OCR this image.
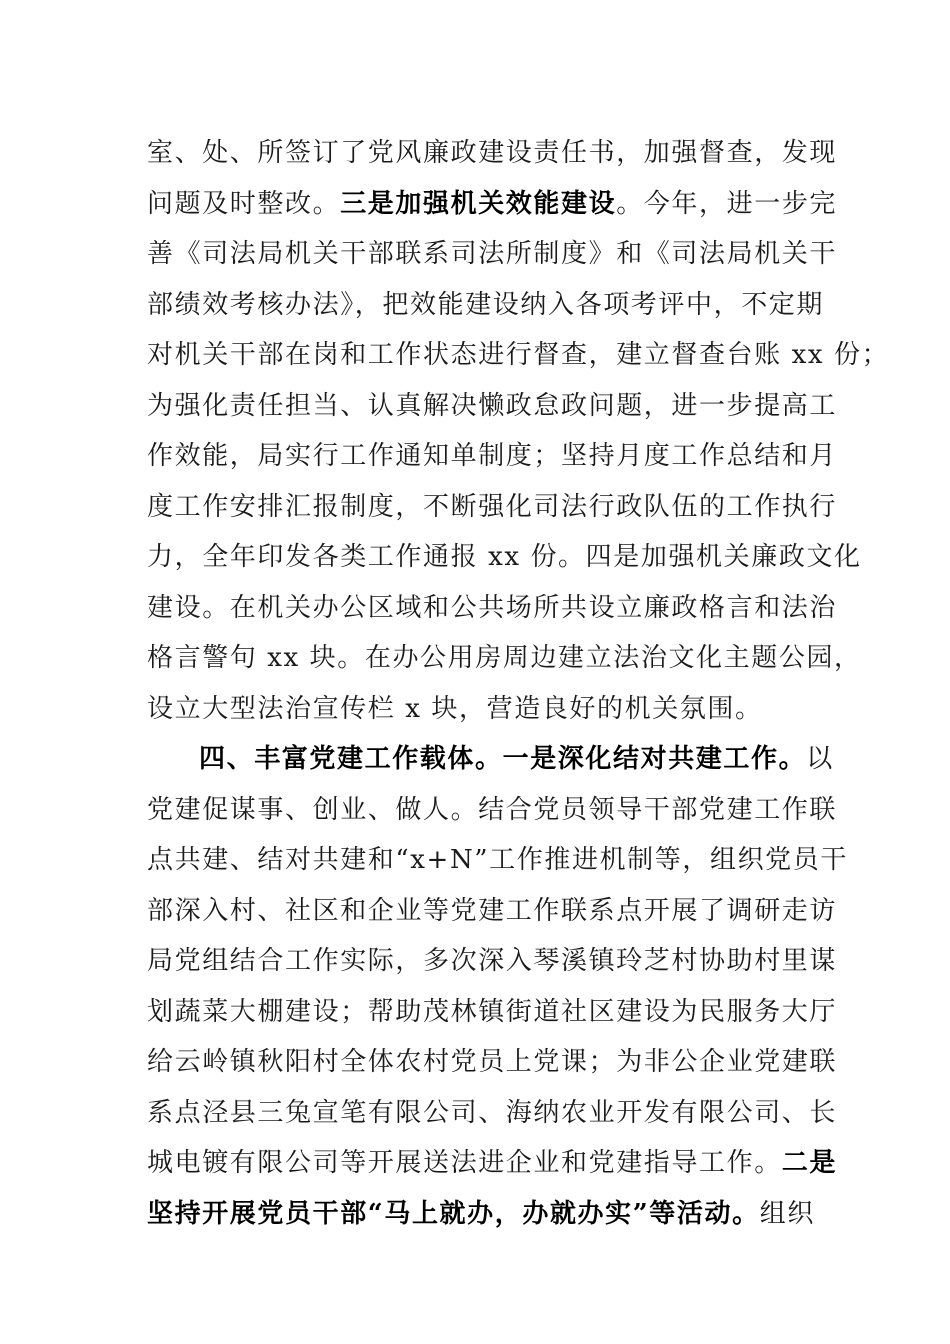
室、处、所签订了党风廉政建设责任书，加强督查，发现
问题及时整改。三是加强机关效能建设。今年，进一步完
善《司法局机关干部联系司法所制度》和《司法局机关干
部绩效考核办法》，把效能建设纳入各项考评中，不定期
对机关干部在岗和工作状态进行督查，建立督查台账 xx 份；
为强化责任担当、认真解决懒政怠政问题，进一步提高工
作效能，局实行工作通知单制度；坚持月度工作总结和月
度工作安排汇报制度，不断强化司法行政队伍的工作执行
力，全年印发各类工作通报 xx 份。四是加强机关廉政文化
建设。在机关办公区域和公共场所共设立廉政格言和法治
格言警句 xx 块。在办公用房周边建立法治文化主题公园，
设立大型法治宣传栏 x 块，营造良好的机关氛围。
四、丰富党建工作载体。一是深化结对共建工作。以
党建促谋事、创业、做人。结合党员领导干部党建工作联
点共建、结对共建和“x+N”工作推进机制等，组织党员干
部深入村、社区和企业等党建工作联系点开展了调研走访
局党组结合工作实际，多次深入琴溪镇玲芝村协助村里谋
划蔬菜大棚建设；帮助茂林镇街道社区建设为民服务大厅
给云岭镇秋阳村全体农村党员上党课；为非公企业党建联
系点泾县三兔宣笔有限公司、海纳农业开发有限公司、长
城电镀有限公司等开展送法进企业和党建指导工作。二是
坚持开展党员干部“马上就办，办就办实”等活动。组织
